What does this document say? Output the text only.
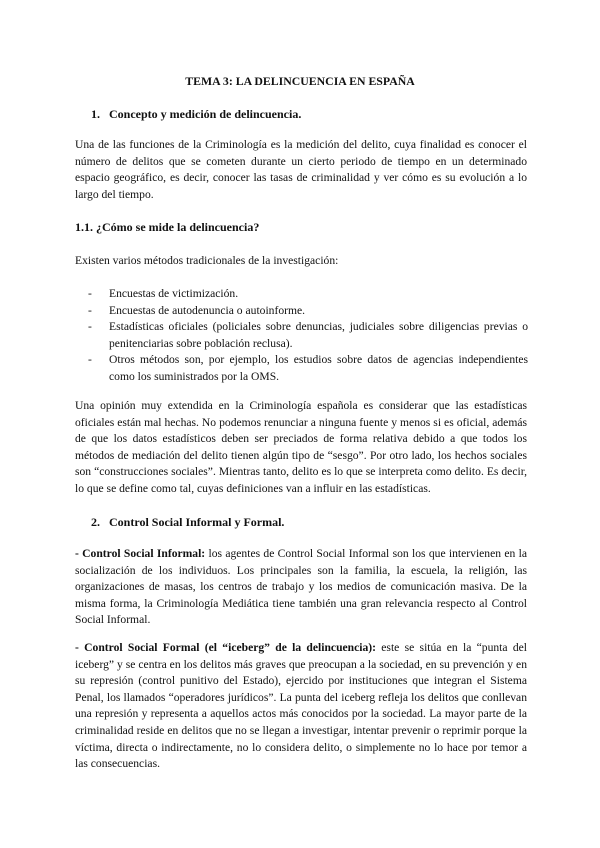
TEMA 3: LA DELINCUENCIA EN ESPAÑA
1. Concepto y medición de delincuencia.
Una de las funciones de la Criminología es la medición del delito, cuya finalidad es conocer el número de delitos que se cometen durante un cierto periodo de tiempo en un determinado espacio geográfico, es decir, conocer las tasas de criminalidad y ver cómo es su evolución a lo largo del tiempo.
1.1. ¿Cómo se mide la delincuencia?
Existen varios métodos tradicionales de la investigación:
- Encuestas de victimización.
- Encuestas de autodenuncia o autoinforme.
- Estadísticas oficiales (policiales sobre denuncias, judiciales sobre diligencias previas o penitenciarias sobre población reclusa).
- Otros métodos son, por ejemplo, los estudios sobre datos de agencias independientes como los suministrados por la OMS.
Una opinión muy extendida en la Criminología española es considerar que las estadísticas oficiales están mal hechas. No podemos renunciar a ninguna fuente y menos si es oficial, además de que los datos estadísticos deben ser preciados de forma relativa debido a que todos los métodos de mediación del delito tienen algún tipo de “sesgo”. Por otro lado, los hechos sociales son “construcciones sociales”. Mientras tanto, delito es lo que se interpreta como delito. Es decir, lo que se define como tal, cuyas definiciones van a influir en las estadísticas.
2. Control Social Informal y Formal.
- Control Social Informal: los agentes de Control Social Informal son los que intervienen en la socialización de los individuos. Los principales son la familia, la escuela, la religión, las organizaciones de masas, los centros de trabajo y los medios de comunicación masiva. De la misma forma, la Criminología Mediática tiene también una gran relevancia respecto al Control Social Informal.
- Control Social Formal (el “iceberg” de la delincuencia): este se sitúa en la “punta del iceberg” y se centra en los delitos más graves que preocupan a la sociedad, en su prevención y en su represión (control punitivo del Estado), ejercido por instituciones que integran el Sistema Penal, los llamados “operadores jurídicos”. La punta del iceberg refleja los delitos que conllevan una represión y representa a aquellos actos más conocidos por la sociedad. La mayor parte de la criminalidad reside en delitos que no se llegan a investigar, intentar prevenir o reprimir porque la víctima, directa o indirectamente, no lo considera delito, o simplemente no lo hace por temor a las consecuencias.
